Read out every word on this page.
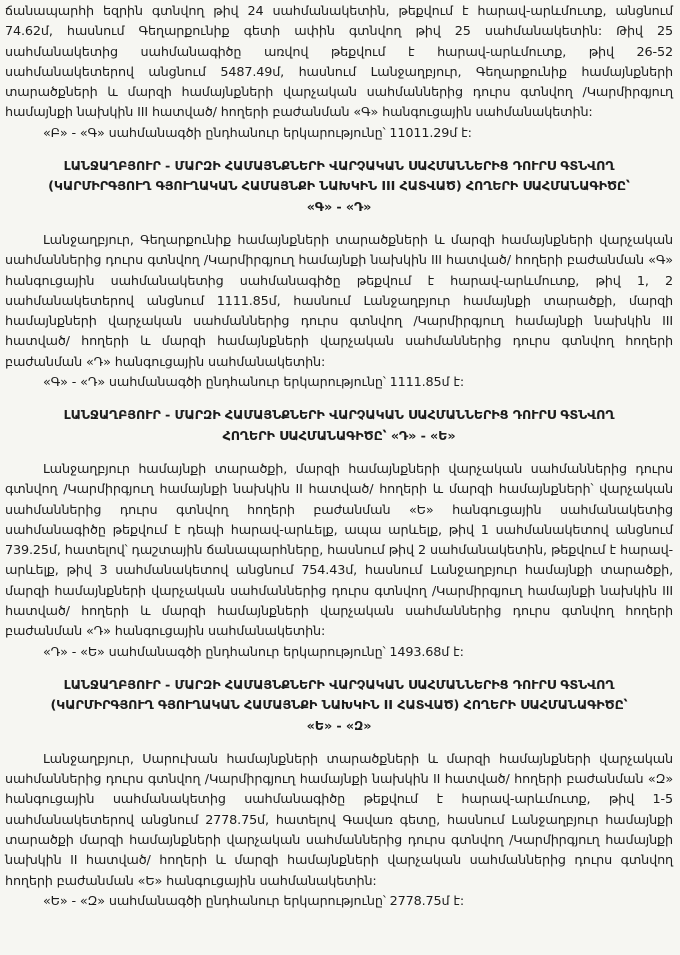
ճանապարհի եզրին գտնվող թիվ 24 սահմանակետին, թեքվում է հարավ-արևմուտք, անցնում 74.62մ, հասնում Գեղարքունիք գետի ափին գտնվող թիվ 25 սահմանակետին: Թիվ 25 սահմանակետից սահմանագիծը առվով թեքվում է հարավ-արևմուտք, թիվ 26-52 սահմանակետերով անցնում 5487.49մ, հասնում Լանջաղբյուր, Գեղարքունիք համայնքների տարածքների և մարզի համայնքների վարչական սահմաններից դուրս գտնվող /Կարմիրգյուղ համայնքի նախկին III հատված/ հողերի բաժանման «Գ» հանգուցային սահմանակետին:

«Բ» - «Գ» սահմանագծի ընդհանուր երկարությունը՝ 11011.29մ է:

ԼԱՆՋԱՂԲՅՈՒՐ - ՄԱՐԶԻ ՀԱՄԱՅՆՔՆԵՐԻ ՎԱՐՉԱԿԱՆ ՍԱՀՄԱՆՆԵՐԻՑ ԴՈՒՐՍ ԳՏՆՎՈՂ (ԿԱՐՄԻՐԳՅՈՒՂ ԳՅՈՒՂԱԿԱՆ ՀԱՄԱՅՆՔԻ ՆԱԽԿԻՆ III ՀԱՏՎԱԾ) ՀՈՂԵՐԻ ՍԱՀՄԱՆԱԳԻԾԸ՝ «Գ» - «Դ»

Լանջաղբյուր, Գեղարքունիք համայնքների տարածքների և մարզի համայնքների վարչական սահմաններից դուրս գտնվող /Կարմիրգյուղ համայնքի նախկին III հատված/ հողերի բաժանման «Գ» հանգուցային սահմանակետից սահմանագիծը թեքվում է հարավ-արևմուտք, թիվ 1, 2 սահմանակետերով անցնում 1111.85մ, հասնում Լանջաղբյուր համայնքի տարածքի, մարզի համայնքների վարչական սահմաններից դուրս գտնվող /Կարմիրգյուղ համայնքի նախկին III հատված/ հողերի և մարզի համայնքների վարչական սահմաններից դուրս գտնվող հողերի բաժանման «Դ» հանգուցային սահմանակետին:

«Գ» - «Դ» սահմանագծի ընդհանուր երկարությունը՝ 1111.85մ է:

ԼԱՆՋԱՂԲՅՈՒՐ - ՄԱՐԶԻ ՀԱՄԱՅՆՔՆԵՐԻ ՎԱՐՉԱԿԱՆ ՍԱՀՄԱՆՆԵՐԻՑ ԴՈՒՐՍ ԳՏՆՎՈՂ ՀՈՂԵՐԻ ՍԱՀՄԱՆԱԳԻԾԸ՝ «Դ» - «Ե»

Լանջաղբյուր համայնքի տարածքի, մարզի համայնքների վարչական սահմաններից դուրս գտնվող /Կարմիրգյուղ համայնքի նախկին II հատված/ հողերի և մարզի համայնքների՝ վարչական սահմաններից դուրս գտնվող հողերի բաժանման «Ե» հանգուցային սահմանակետից սահմանագիծը թեքվում է դեպի հարավ-արևելք, ապա արևելք, թիվ 1 սահմանակետով անցնում 739.25մ, հատելով՝ դաշտային ճանապարհները, հասնում թիվ 2 սահմանակետին, թեքվում է հարավ-արևելք, թիվ 3 սահմանակետով անցնում 754.43մ, հասնում Լանջաղբյուր համայնքի տարածքի, մարզի համայնքների վարչական սահմաններից դուրս գտնվող /Կարմիրգյուղ համայնքի նախկին III հատված/ հողերի և մարզի համայնքների վարչական սահմաններից դուրս գտնվող հողերի բաժանման «Դ» հանգուցային սահմանակետին:

«Դ» - «Ե» սահմանագծի ընդհանուր երկարությունը՝ 1493.68մ է:

ԼԱՆՋԱՂԲՅՈՒՐ - ՄԱՐԶԻ ՀԱՄԱՅՆՔՆԵՐԻ ՎԱՐՉԱԿԱՆ ՍԱՀՄԱՆՆԵՐԻՑ ԴՈՒՐՍ ԳՏՆՎՈՂ (ԿԱՐՄԻՐԳՅՈՒՂ ԳՅՈՒՂԱԿԱՆ ՀԱՄԱՅՆՔԻ ՆԱԽԿԻՆ II ՀԱՏՎԱԾ) ՀՈՂԵՐԻ ՍԱՀՄԱՆԱԳԻԾԸ՝ «Ե» - «Զ»

Լանջաղբյուր, Սարուխան համայնքների տարածքների և մարզի համայնքների վարչական սահմաններից դուրս գտնվող /Կարմիրգյուղ համայնքի նախկին II հատված/ հողերի բաժանման «Զ» հանգուցային սահմանակետից սահմանագիծը թեքվում է հարավ-արևմուտք, թիվ 1-5 սահմանակետերով անցնում 2778.75մ, հատելով Գավառ գետը, հասնում Լանջաղբյուր համայնքի տարածքի մարզի համայնքների վարչական սահմաններից դուրս գտնվող /Կարմիրգյուղ համայնքի նախկին II հատված/ հողերի և մարզի համայնքների վարչական սահմաններից դուրս գտնվող հողերի բաժանման «Ե» հանգուցային սահմանակետին:

«Ե» - «Զ» սահմանագծի ընդհանուր երկարությունը՝ 2778.75մ է:
